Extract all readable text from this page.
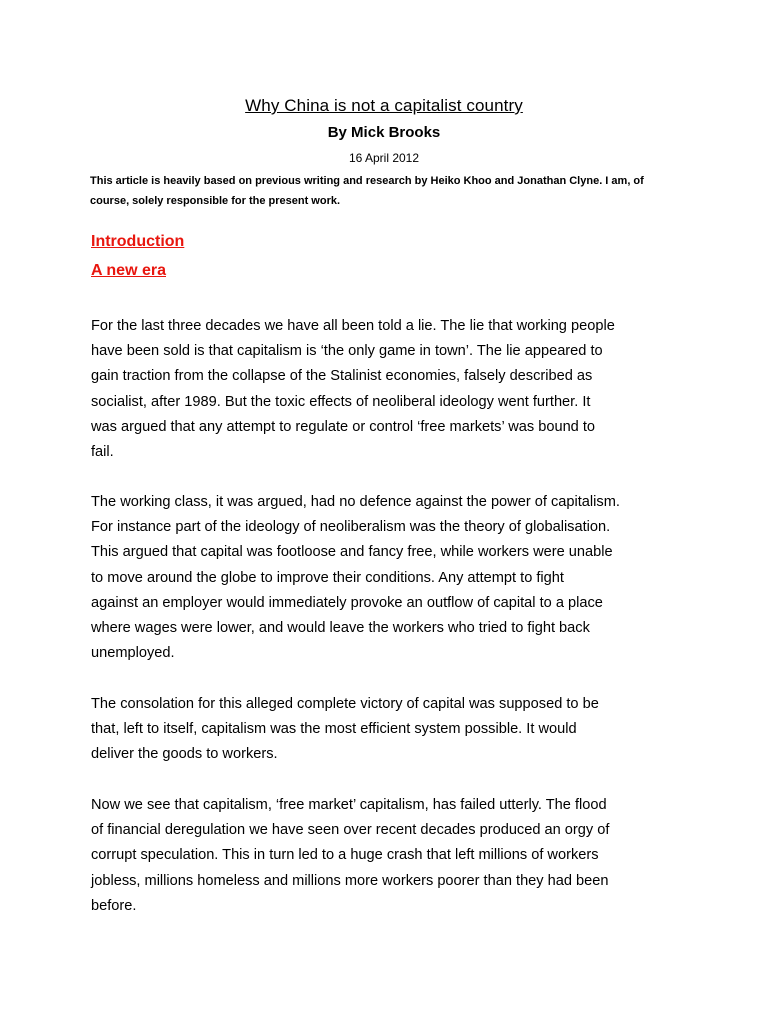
Why China is not a capitalist country
By Mick Brooks
16 April 2012
This article is heavily based on previous writing and research by Heiko Khoo and Jonathan Clyne. I am, of
course, solely responsible for the present work.
Introduction
A new era
For the last three decades we have all been told a lie. The lie that working people
have been sold is that capitalism is ‘the only game in town’. The lie appeared to
gain traction from the collapse of the Stalinist economies, falsely described as
socialist, after 1989. But the toxic effects of neoliberal ideology went further. It
was argued that any attempt to regulate or control ‘free markets’ was bound to
fail.
The working class, it was argued, had no defence against the power of capitalism.
For instance part of the ideology of neoliberalism was the theory of globalisation.
This argued that capital was footloose and fancy free, while workers were unable
to move around the globe to improve their conditions. Any attempt to fight
against an employer would immediately provoke an outflow of capital to a place
where wages were lower, and would leave the workers who tried to fight back
unemployed.
The consolation for this alleged complete victory of capital was supposed to be
that, left to itself, capitalism was the most efficient system possible. It would
deliver the goods to workers.
Now we see that capitalism, ‘free market’ capitalism, has failed utterly. The flood
of financial deregulation we have seen over recent decades produced an orgy of
corrupt speculation. This in turn led to a huge crash that left millions of workers
jobless, millions homeless and millions more workers poorer than they had been
before.
